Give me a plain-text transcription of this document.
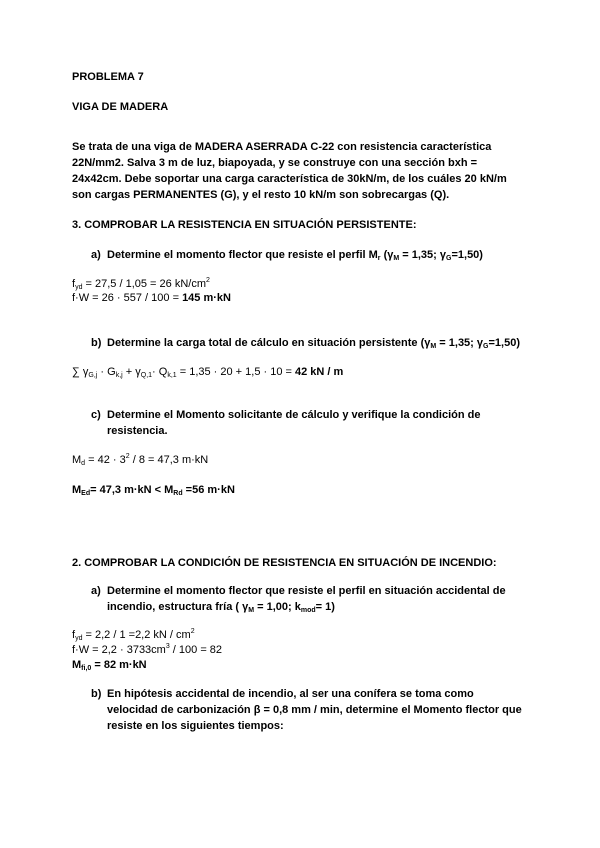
PROBLEMA 7
VIGA DE MADERA
Se trata de una viga de MADERA ASERRADA C-22 con resistencia característica
22N/mm2. Salva 3 m de luz, biapoyada, y se construye con una sección bxh =
24x42cm. Debe soportar una carga característica de 30kN/m, de los cuáles 20 kN/m
son cargas PERMANENTES (G), y el resto 10 kN/m son sobrecargas (Q).
3. COMPROBAR LA RESISTENCIA EN SITUACIÓN PERSISTENTE:
a) Determine el momento flector que resiste el perfil $M_r$ ($\gamma_M = 1,35$; $\gamma_G=1,50$)
$f_{yd} = 27,5 / 1,05 = 26$ $kN/cm^2$
f·W = 26 · 557 / 100 = 145 m·kN
b) Determine la carga total de cálculo en situación persistente ($\gamma_M = 1,35$; $\gamma_G=1,50$)
∑ $\gamma_{G,j} \cdot G_{k,j} + \gamma_{Q,1}\cdot Q_{k,1} = 1,35 \cdot 20 + 1,5 \cdot 10 = 42$ kN / m
c) Determine el Momento solicitante de cálculo y verifique la condición de
resistencia.
$M_d = 42 \cdot 3^2 / 8 = 47,3$ m·kN
$M_{Ed}= 47,3$ $m\cdot kN < M_{Rd} =56$ m·kN
2. COMPROBAR LA CONDICIÓN DE RESISTENCIA EN SITUACIÓN DE INCENDIO:
a) Determine el momento flector que resiste el perfil en situación accidental de
incendio, estructura fría ( $\gamma_M = 1,00$; $k_{mod}= 1$)
$f_{yd} = 2,2 / 1 =2,2$ kN / $cm^2$
$f\cdot W = 2,2 \cdot 3733cm^3 / 100 = 82$
$M_{fi,0} = 82$ m·kN
b) En hipótesis accidental de incendio, al ser una conífera se toma como
velocidad de carbonización β = 0,8 mm / min, determine el Momento flector que
resiste en los siguientes tiempos:
